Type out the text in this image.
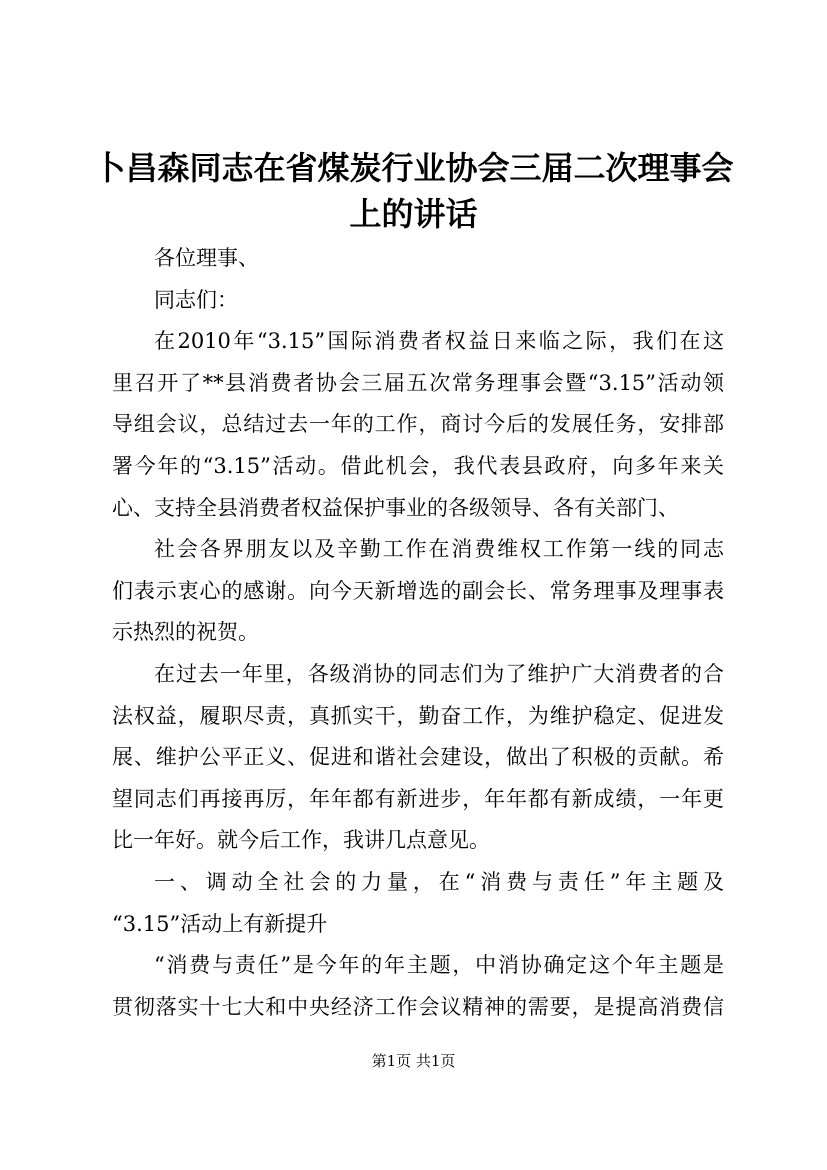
卜昌森同志在省煤炭行业协会三届二次理事会
上的讲话
各位理事、
同志们：
在2010年“3.15”国际消费者权益日来临之际，我们在这
里召开了**县消费者协会三届五次常务理事会暨“3.15”活动领
导组会议，总结过去一年的工作，商讨今后的发展任务，安排部
署今年的“3.15”活动。借此机会，我代表县政府，向多年来关
心、支持全县消费者权益保护事业的各级领导、各有关部门、
社会各界朋友以及辛勤工作在消费维权工作第一线的同志
们表示衷心的感谢。向今天新增选的副会长、常务理事及理事表
示热烈的祝贺。
在过去一年里，各级消协的同志们为了维护广大消费者的合
法权益，履职尽责，真抓实干，勤奋工作，为维护稳定、促进发
展、维护公平正义、促进和谐社会建设，做出了积极的贡献。希
望同志们再接再厉，年年都有新进步，年年都有新成绩，一年更
比一年好。就今后工作，我讲几点意见。
一、调动全社会的力量，在“消费与责任”年主题及
“3.15”活动上有新提升
“消费与责任”是今年的年主题，中消协确定这个年主题是
贯彻落实十七大和中央经济工作会议精神的需要，是提高消费信
第1页 共1页
